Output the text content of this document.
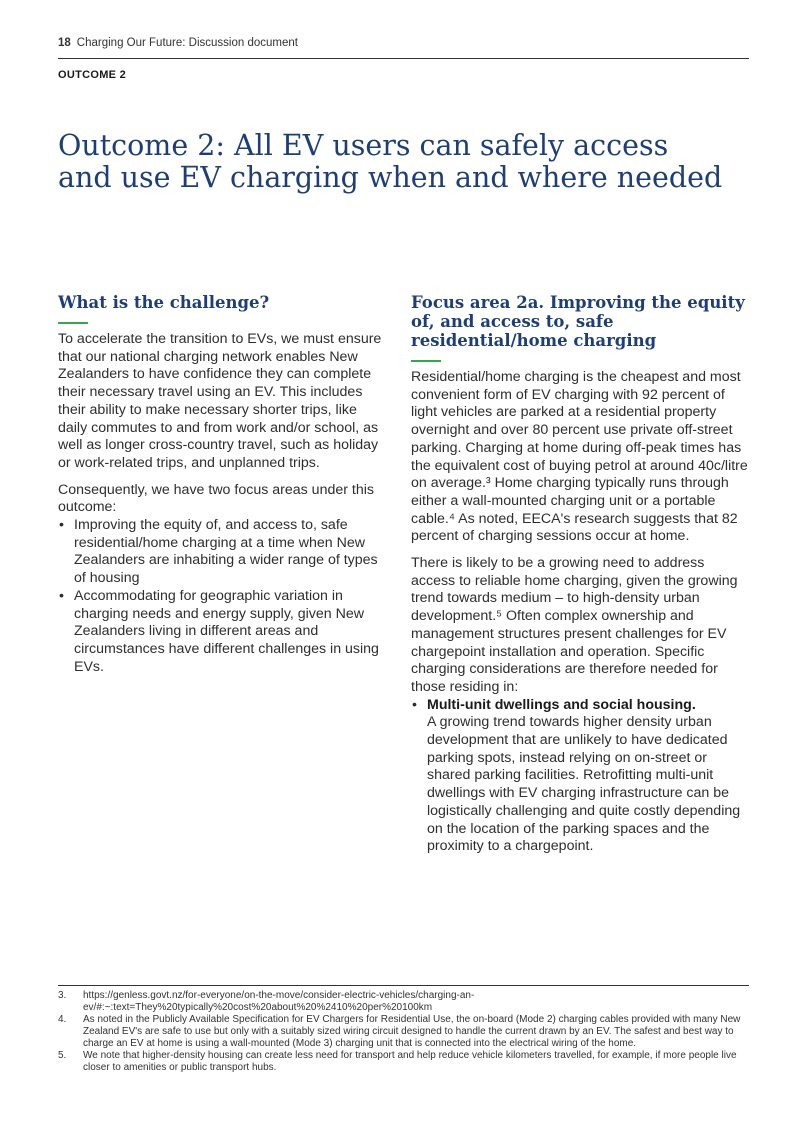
18 Charging Our Future: Discussion document
OUTCOME 2
Outcome 2: All EV users can safely access
and use EV charging when and where needed
What is the challenge?

To accelerate the transition to EVs, we must ensure that our national charging network enables New Zealanders to have confidence they can complete their necessary travel using an EV. This includes their ability to make necessary shorter trips, like daily commutes to and from work and/or school, as well as longer cross-country travel, such as holiday or work-related trips, and unplanned trips.

Consequently, we have two focus areas under this outcome:

• Improving the equity of, and access to, safe residential/home charging at a time when New Zealanders are inhabiting a wider range of types of housing
• Accommodating for geographic variation in charging needs and energy supply, given New Zealanders living in different areas and circumstances have different challenges in using EVs.
Focus area 2a. Improving the equity of, and access to, safe residential/home charging

Residential/home charging is the cheapest and most convenient form of EV charging with 92 percent of light vehicles are parked at a residential property overnight and over 80 percent use private off-street parking. Charging at home during off-peak times has the equivalent cost of buying petrol at around 40c/litre on average.³ Home charging typically runs through either a wall-mounted charging unit or a portable cable.⁴ As noted, EECA's research suggests that 82 percent of charging sessions occur at home.

There is likely to be a growing need to address access to reliable home charging, given the growing trend towards medium – to high-density urban development.⁵ Often complex ownership and management structures present challenges for EV chargepoint installation and operation. Specific charging considerations are therefore needed for those residing in:

• Multi-unit dwellings and social housing.
A growing trend towards higher density urban development that are unlikely to have dedicated parking spots, instead relying on on-street or shared parking facilities. Retrofitting multi-unit dwellings with EV charging infrastructure can be logistically challenging and quite costly depending on the location of the parking spaces and the proximity to a chargepoint.

3. https://genless.govt.nz/for-everyone/on-the-move/consider-electric-vehicles/charging-an-ev/#:~:text=They%20typically%20cost%20about%20%2410%20per%20100km

4. As noted in the Publicly Available Specification for EV Chargers for Residential Use, the on-board (Mode 2) charging cables provided with many New Zealand EV's are safe to use but only with a suitably sized wiring circuit designed to handle the current drawn by an EV. The safest and best way to charge an EV at home is using a wall-mounted (Mode 3) charging unit that is connected into the electrical wiring of the home.

5. We note that higher-density housing can create less need for transport and help reduce vehicle kilometers travelled, for example, if more people live closer to amenities or public transport hubs.
